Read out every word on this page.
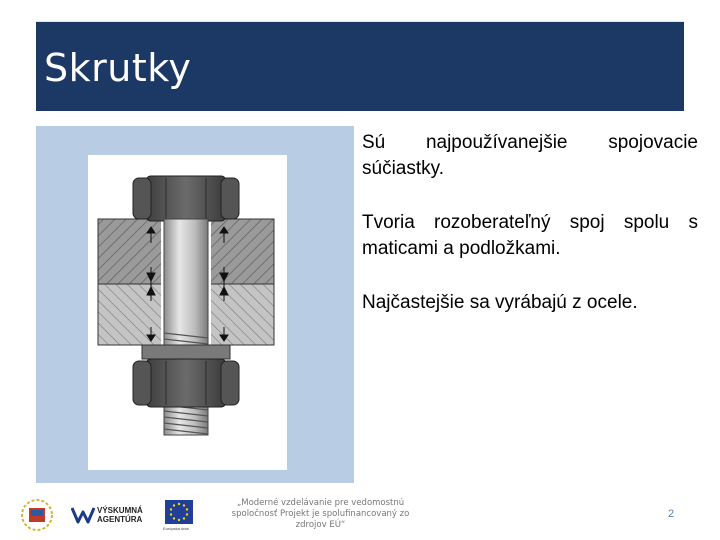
Skrutky

Sú najpoužívanejšie spojovacie súčiastky.

Tvoria rozoberateľný spoj spolu s maticami a podložkami.

Najčastejšie sa vyrábajú z ocele.

VÝSKUMNÁ AGENTÚRA
Európska únia
„Moderné vzdelávanie pre vedomostnú spoločnosť Projekt je spolufinancovaný zo zdrojov EÚ“
2
